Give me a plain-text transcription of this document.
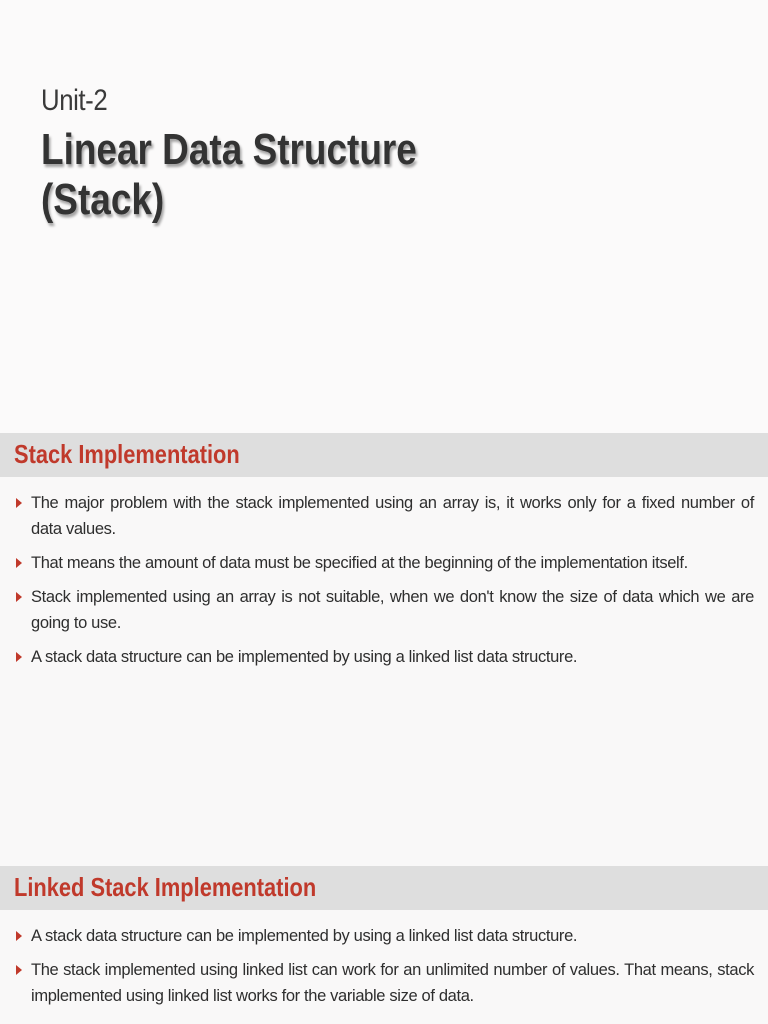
Unit-2
Linear Data Structure
(Stack)
Stack Implementation
The major problem with the stack implemented using an array is, it works only for a fixed number of data values.
That means the amount of data must be specified at the beginning of the implementation itself.
Stack implemented using an array is not suitable, when we don't know the size of data which we are going to use.
A stack data structure can be implemented by using a linked list data structure.
Linked Stack Implementation
A stack data structure can be implemented by using a linked list data structure.
The stack implemented using linked list can work for an unlimited number of values. That means, stack implemented using linked list works for the variable size of data.
